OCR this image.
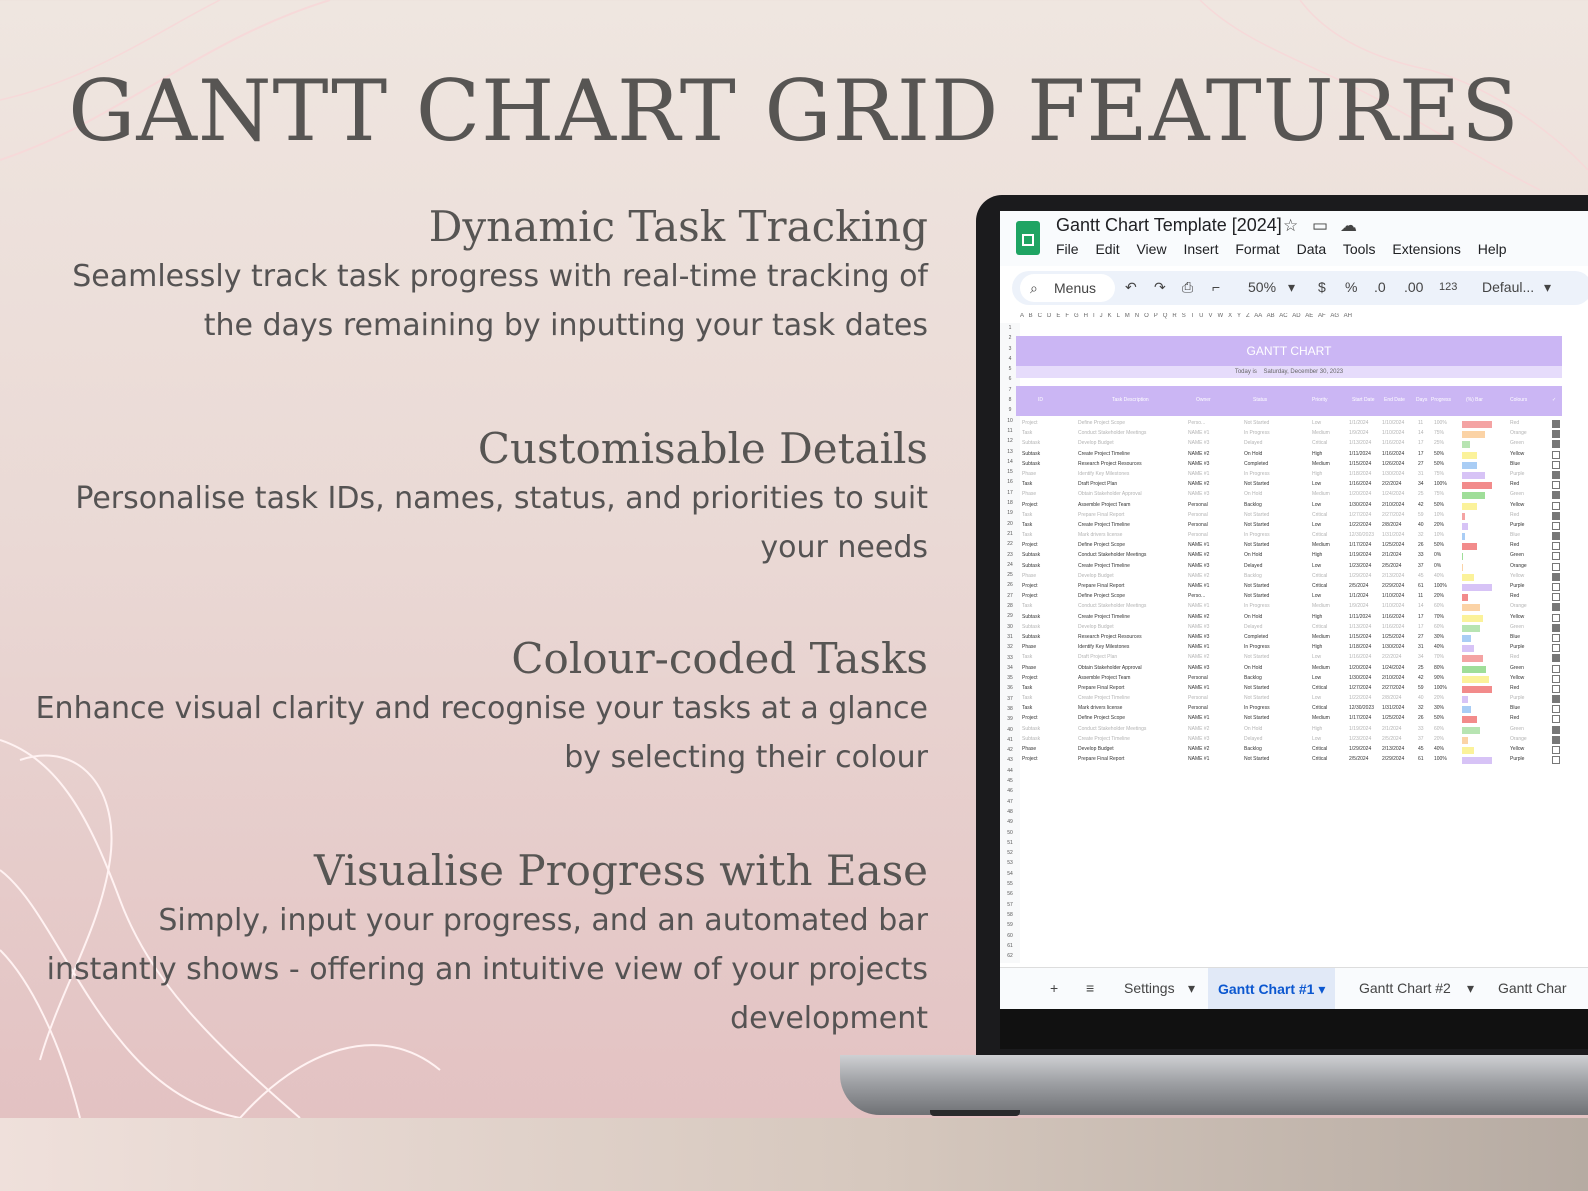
GANTT CHART GRID FEATURES
Dynamic Task Tracking

Seamlessly track task progress with real-time tracking of

the days remaining by inputting your task dates

Customisable Details

Personalise task IDs, names, status, and priorities to suit

your needs

Colour-coded Tasks

Enhance visual clarity and recognise your tasks at a glance

by selecting their colour

Visualise Progress with Ease

Simply, input your progress, and an automated bar

instantly shows - offering an intuitive view of your projects

development

Gantt Chart Template [2024] ☆ ▭ ☁
File Edit View Insert Format Data Tools Extensions Help
⌕ Menus ↶ ↷ ⎙ ⌐ 50% ▾ $ % .0 .00 123 Defaul... ▾
A   B   C   D   E   F   G   H   I   J   K   L   M   N   O   P   Q   R   S   T   U   V   W   X   Y   Z   AA   AB   AC   AD   AE   AF   AG   AH
1
2
3
4
5
6
7
8
9
10
11
12
13
14
15
16
17
18
19
20
21
22
23
24
25
26
27
28
29
30
31
32
33
34
35
36
37
38
39
40
41
42
43
44
45
46
47
48
49
50
51
52
53
54
55
56
57
58
59
60
61
62

GANTT CHART
Today is Saturday, December 30, 2023
ID	Task Description	Owner	Status	Priority	Start Date End Date Days Progress	(%) Bar	Colours	✓
Project	Define Project Scope	Perso...	Not Started	Low	1/1/2024	1/10/2024	11 100%	Red
Task	Conduct Stakeholder Meetings	NAME #1	In Progress	Medium	1/9/2024	1/10/2024	14 75%	Orange
Subtask	Develop Budget	NAME #3	Delayed	Critical	1/13/2024 1/16/2024	17 25%	Green
Subtask	Create Project Timeline	NAME #2	On Hold	High	1/11/2024 1/16/2024	17 50%	Yellow
Subtask	Research Project Resources	NAME #3	Completed	Medium	1/15/2024 1/26/2024	27 50%	Blue
Phase	Identify Key Milestones	NAME #1	In Progress	High	1/18/2024 1/30/2024	31 75%	Purple
Task	Draft Project Plan	NAME #2	Not Started	Low	1/16/2024 2/2/2024	34 100%	Red
Phase	Obtain Stakeholder Approval	NAME #3	On Hold	Medium	1/20/2024 1/24/2024	25 75%	Green
Project	Assemble Project Team	Personal	Backlog	Low	1/30/2024 2/10/2024	42 50%	Yellow
Task	Prepare Final Report	Personal	Not Started	Critical	1/27/2024 2/27/2024	59 10%	Red
Task	Create Project Timeline	Personal	Not Started	Low	1/22/2024 2/8/2024	40 20%	Purple
Task	Mark drivers license	Personal	In Progress	Critical	12/30/2023 1/31/2024	32 10%	Blue
Project	Define Project Scope	NAME #1	Not Started	Medium	1/17/2024 1/25/2024	26 50%	Red
Subtask	Conduct Stakeholder Meetings	NAME #2	On Hold	High	1/19/2024 2/1/2024	33 0%	Green
Subtask	Create Project Timeline	NAME #3	Delayed	Low	1/23/2024 2/5/2024	37 0%	Orange
Phase	Develop Budget	NAME #2	Backlog	Critical	1/29/2024 2/13/2024	45 40%	Yellow
Project	Prepare Final Report	NAME #1	Not Started	Critical	2/5/2024	2/29/2024	61 100%	Purple
Project	Define Project Scope	Perso...	Not Started	Low	1/1/2024	1/10/2024	11 20%	Red
Task	Conduct Stakeholder Meetings	NAME #1	In Progress	Medium	1/9/2024	1/10/2024	14 60%	Orange
Subtask	Create Project Timeline	NAME #2	On Hold	High	1/11/2024 1/16/2024	17 70%	Yellow
Subtask	Develop Budget	NAME #3	Delayed	Critical	1/13/2024 1/16/2024	17 60%	Green
Subtask	Research Project Resources	NAME #3	Completed	Medium	1/15/2024 1/25/2024	27 30%	Blue
Phase	Identify Key Milestones	NAME #1	In Progress	High	1/18/2024 1/30/2024	31 40%	Purple
Task	Draft Project Plan	NAME #2	Not Started	Low	1/16/2024 2/2/2024	34 70%	Red
Phase	Obtain Stakeholder Approval	NAME #3	On Hold	Medium	1/20/2024 1/24/2024	25 80%	Green
Project	Assemble Project Team	Personal	Backlog	Low	1/30/2024 2/10/2024	42 90%	Yellow
Task	Prepare Final Report	NAME #1	Not Started	Critical	1/27/2024 2/27/2024	59 100%	Red
Task	Create Project Timeline	Personal	Not Started	Low	1/22/2024 2/8/2024	40 20%	Purple
Task	Mark drivers license	Personal	In Progress	Critical	12/30/2023 1/31/2024	32 30%	Blue
Project	Define Project Scope	NAME #1	Not Started	Medium	1/17/2024 1/25/2024	26 50%	Red
Subtask	Conduct Stakeholder Meetings	NAME #2	On Hold	High	1/19/2024 2/1/2024	33 60%	Green
Subtask	Create Project Timeline	NAME #3	Delayed	Low	1/23/2024 2/5/2024	37 20%	Orange
Phase	Develop Budget	NAME #2	Backlog	Critical	1/29/2024 2/13/2024	45 40%	Yellow
Project	Prepare Final Report	NAME #1	Not Started	Critical	2/5/2024	2/29/2024	61 100%	Purple
+ ≡ Settings ▾	Gantt Chart #1 ▾	Gantt Chart #2 ▾ Gantt Char
